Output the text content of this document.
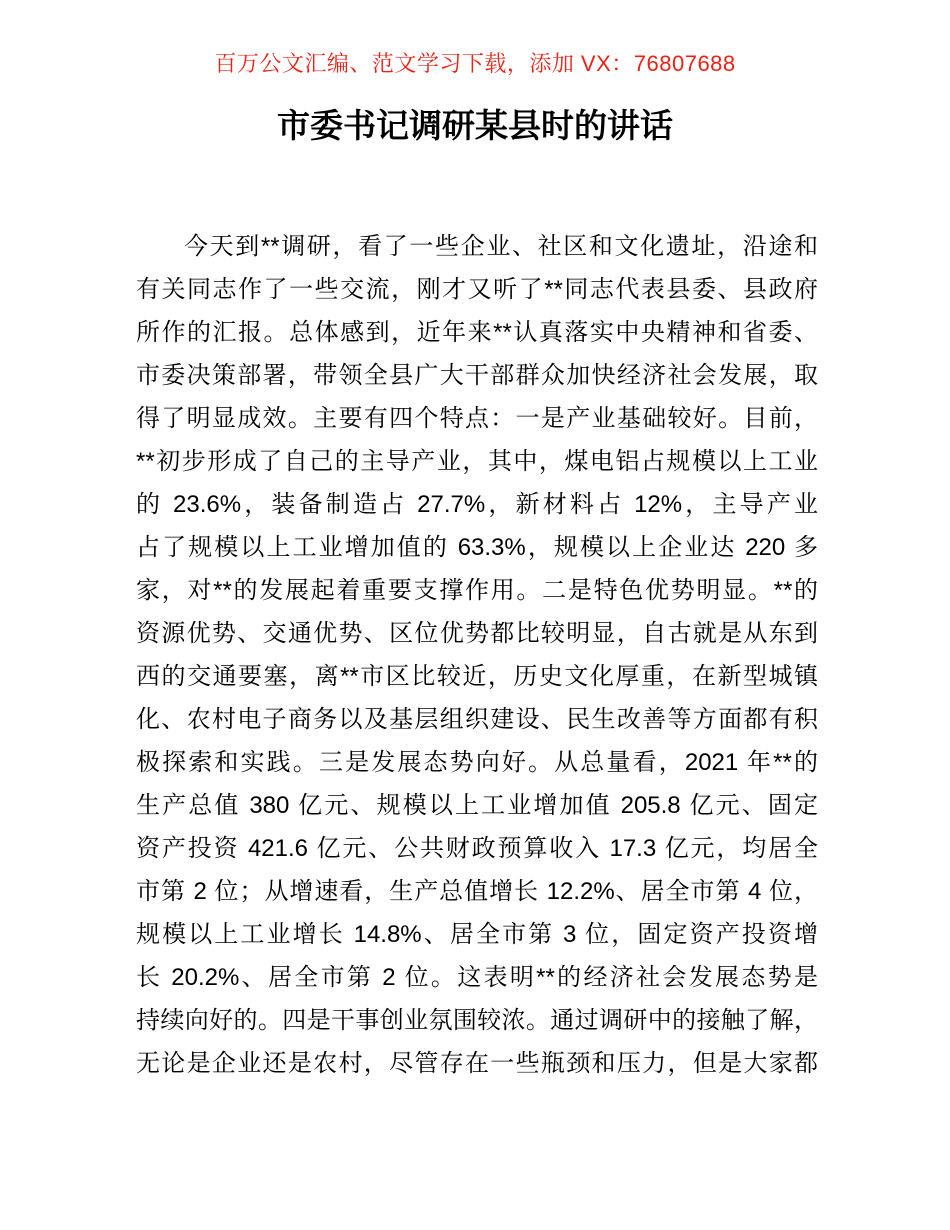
百万公文汇编、范文学习下载，添加 VX：76807688
市委书记调研某县时的讲话
今天到**调研，看了一些企业、社区和文化遗址，沿途和
有关同志作了一些交流，刚才又听了**同志代表县委、县政府
所作的汇报。总体感到，近年来**认真落实中央精神和省委、
市委决策部署，带领全县广大干部群众加快经济社会发展，取
得了明显成效。主要有四个特点：一是产业基础较好。目前，
**初步形成了自己的主导产业，其中，煤电铝占规模以上工业
的 23.6%，装备制造占 27.7%，新材料占 12%，主导产业
占了规模以上工业增加值的 63.3%，规模以上企业达 220 多
家，对**的发展起着重要支撑作用。二是特色优势明显。**的
资源优势、交通优势、区位优势都比较明显，自古就是从东到
西的交通要塞，离**市区比较近，历史文化厚重，在新型城镇
化、农村电子商务以及基层组织建设、民生改善等方面都有积
极探索和实践。三是发展态势向好。从总量看，2021 年**的
生产总值 380 亿元、规模以上工业增加值 205.8 亿元、固定
资产投资 421.6 亿元、公共财政预算收入 17.3 亿元，均居全
市第 2 位；从增速看，生产总值增长 12.2%、居全市第 4 位，
规模以上工业增长 14.8%、居全市第 3 位，固定资产投资增
长 20.2%、居全市第 2 位。这表明**的经济社会发展态势是
持续向好的。四是干事创业氛围较浓。通过调研中的接触了解，
无论是企业还是农村，尽管存在一些瓶颈和压力，但是大家都
